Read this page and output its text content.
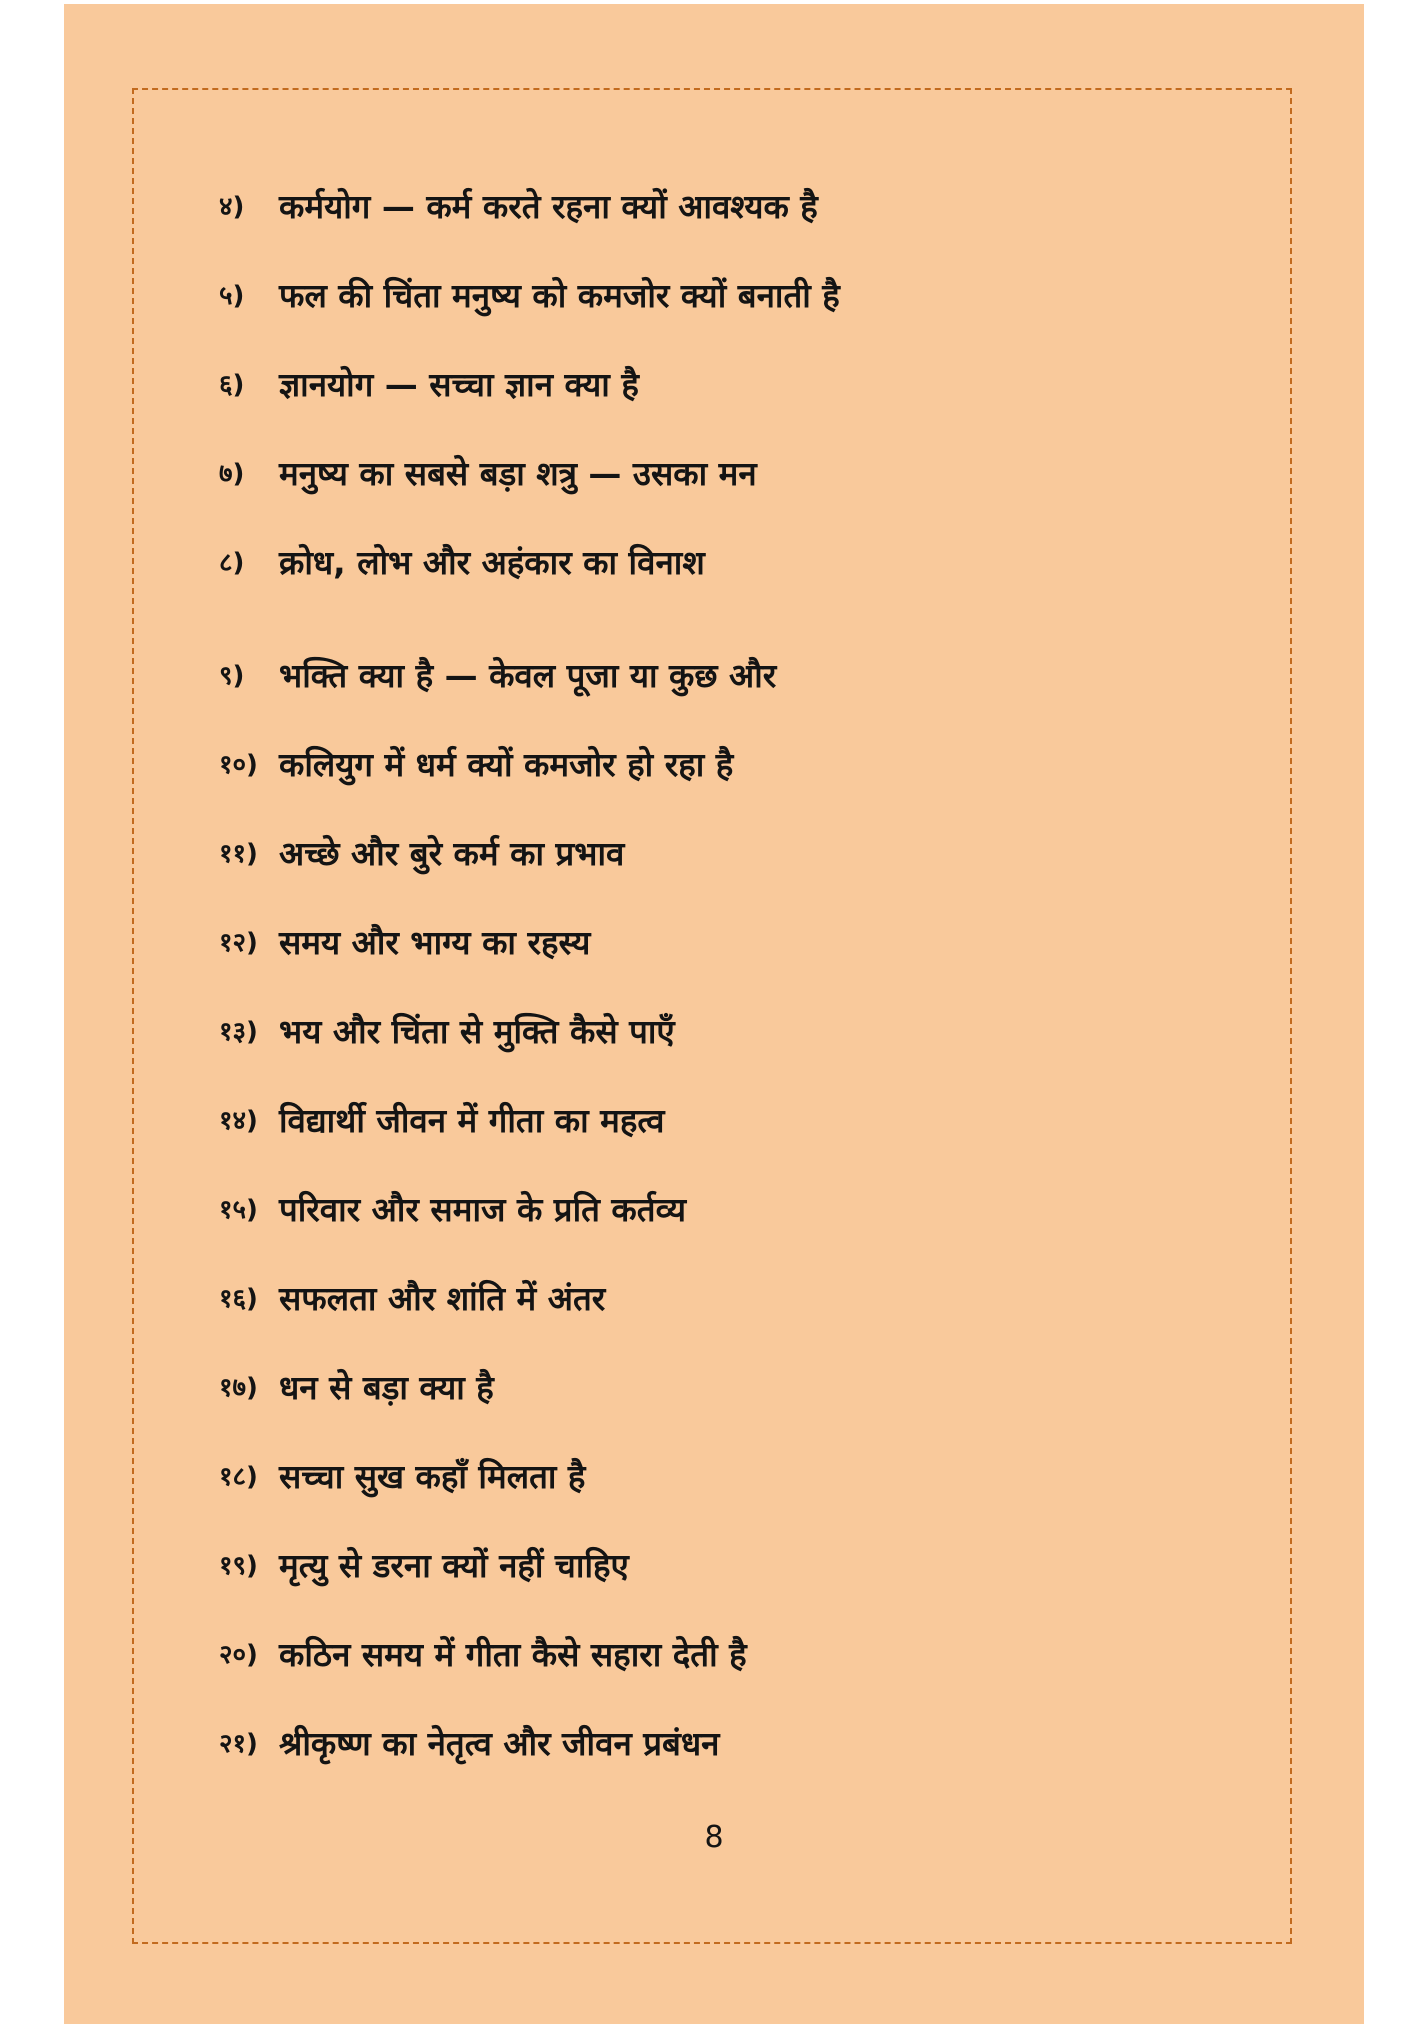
४)	कर्मयोग — कर्म करते रहना क्यों आवश्यक है
५)	फल की चिंता मनुष्य को कमजोर क्यों बनाती है
६)	ज्ञानयोग — सच्चा ज्ञान क्या है
७)	मनुष्य का सबसे बड़ा शत्रु — उसका मन
८)	क्रोध, लोभ और अहंकार का विनाश
९)	भक्ति क्या है — केवल पूजा या कुछ और
१०) कलियुग में धर्म क्यों कमजोर हो रहा है
११) अच्छे और बुरे कर्म का प्रभाव
१२) समय और भाग्य का रहस्य
१३) भय और चिंता से मुक्ति कैसे पाएँ
१४) विद्यार्थी जीवन में गीता का महत्व
१५) परिवार और समाज के प्रति कर्तव्य
१६) सफलता और शांति में अंतर
१७) धन से बड़ा क्या है
१८) सच्चा सुख कहाँ मिलता है
१९) मृत्यु से डरना क्यों नहीं चाहिए
२०) कठिन समय में गीता कैसे सहारा देती है
२१) श्रीकृष्ण का नेतृत्व और जीवन प्रबंधन
8
